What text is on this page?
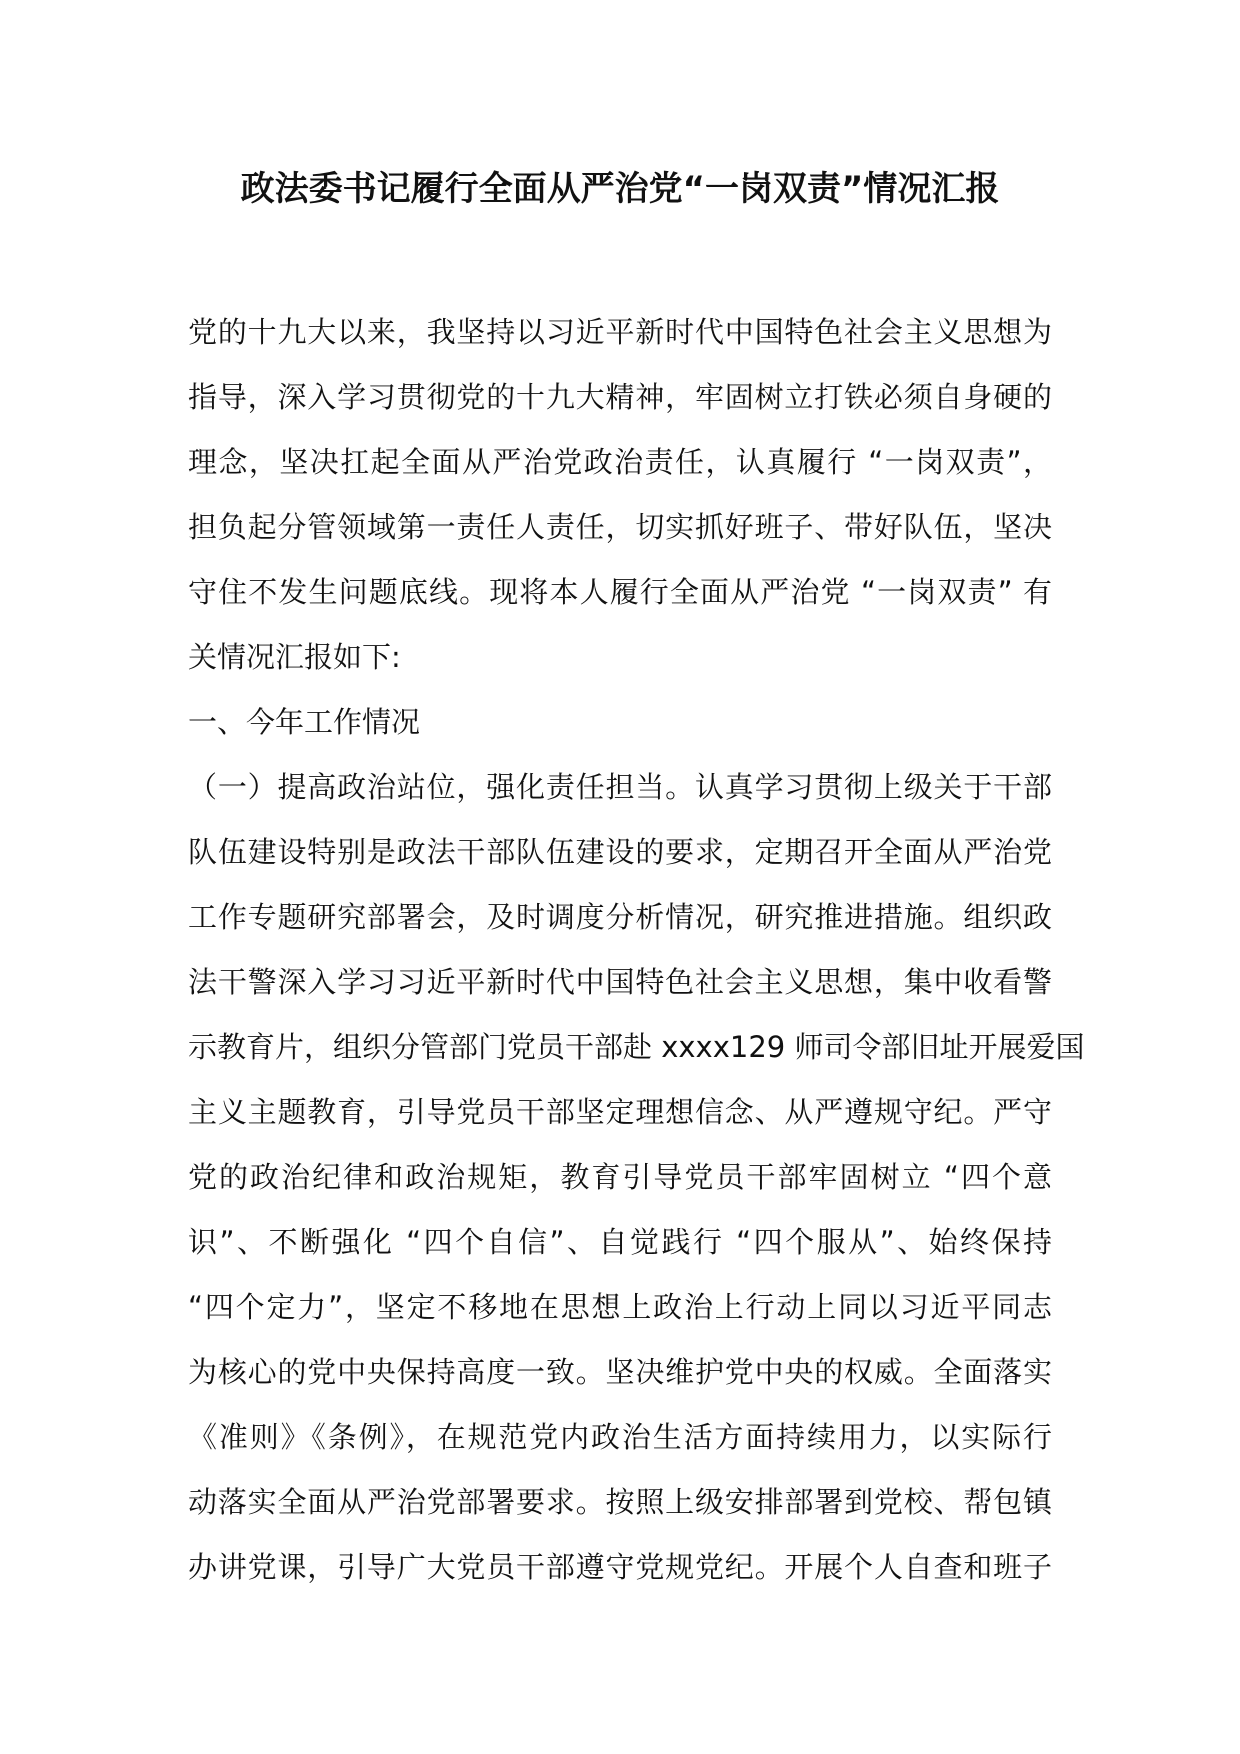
政法委书记履行全面从严治党“一岗双责”情况汇报
党的十九大以来，我坚持以习近平新时代中国特色社会主义思想为
指导，深入学习贯彻党的十九大精神，牢固树立打铁必须自身硬的
理念，坚决扛起全面从严治党政治责任，认真履行 “一岗双责”，
担负起分管领域第一责任人责任，切实抓好班子、带好队伍，坚决
守住不发生问题底线。现将本人履行全面从严治党 “一岗双责” 有
关情况汇报如下:
一、今年工作情况
（一）提高政治站位，强化责任担当。认真学习贯彻上级关于干部
队伍建设特别是政法干部队伍建设的要求，定期召开全面从严治党
工作专题研究部署会，及时调度分析情况，研究推进措施。组织政
法干警深入学习习近平新时代中国特色社会主义思想，集中收看警
示教育片，组织分管部门党员干部赴 xxxx129 师司令部旧址开展爱国
主义主题教育，引导党员干部坚定理想信念、从严遵规守纪。严守
党的政治纪律和政治规矩，教育引导党员干部牢固树立 “四个意
识”、不断强化 “四个自信”、自觉践行 “四个服从”、始终保持
“四个定力”，坚定不移地在思想上政治上行动上同以习近平同志
为核心的党中央保持高度一致。坚决维护党中央的权威。全面落实
《准则》《条例》，在规范党内政治生活方面持续用力，以实际行
动落实全面从严治党部署要求。按照上级安排部署到党校、帮包镇
办讲党课，引导广大党员干部遵守党规党纪。开展个人自查和班子
